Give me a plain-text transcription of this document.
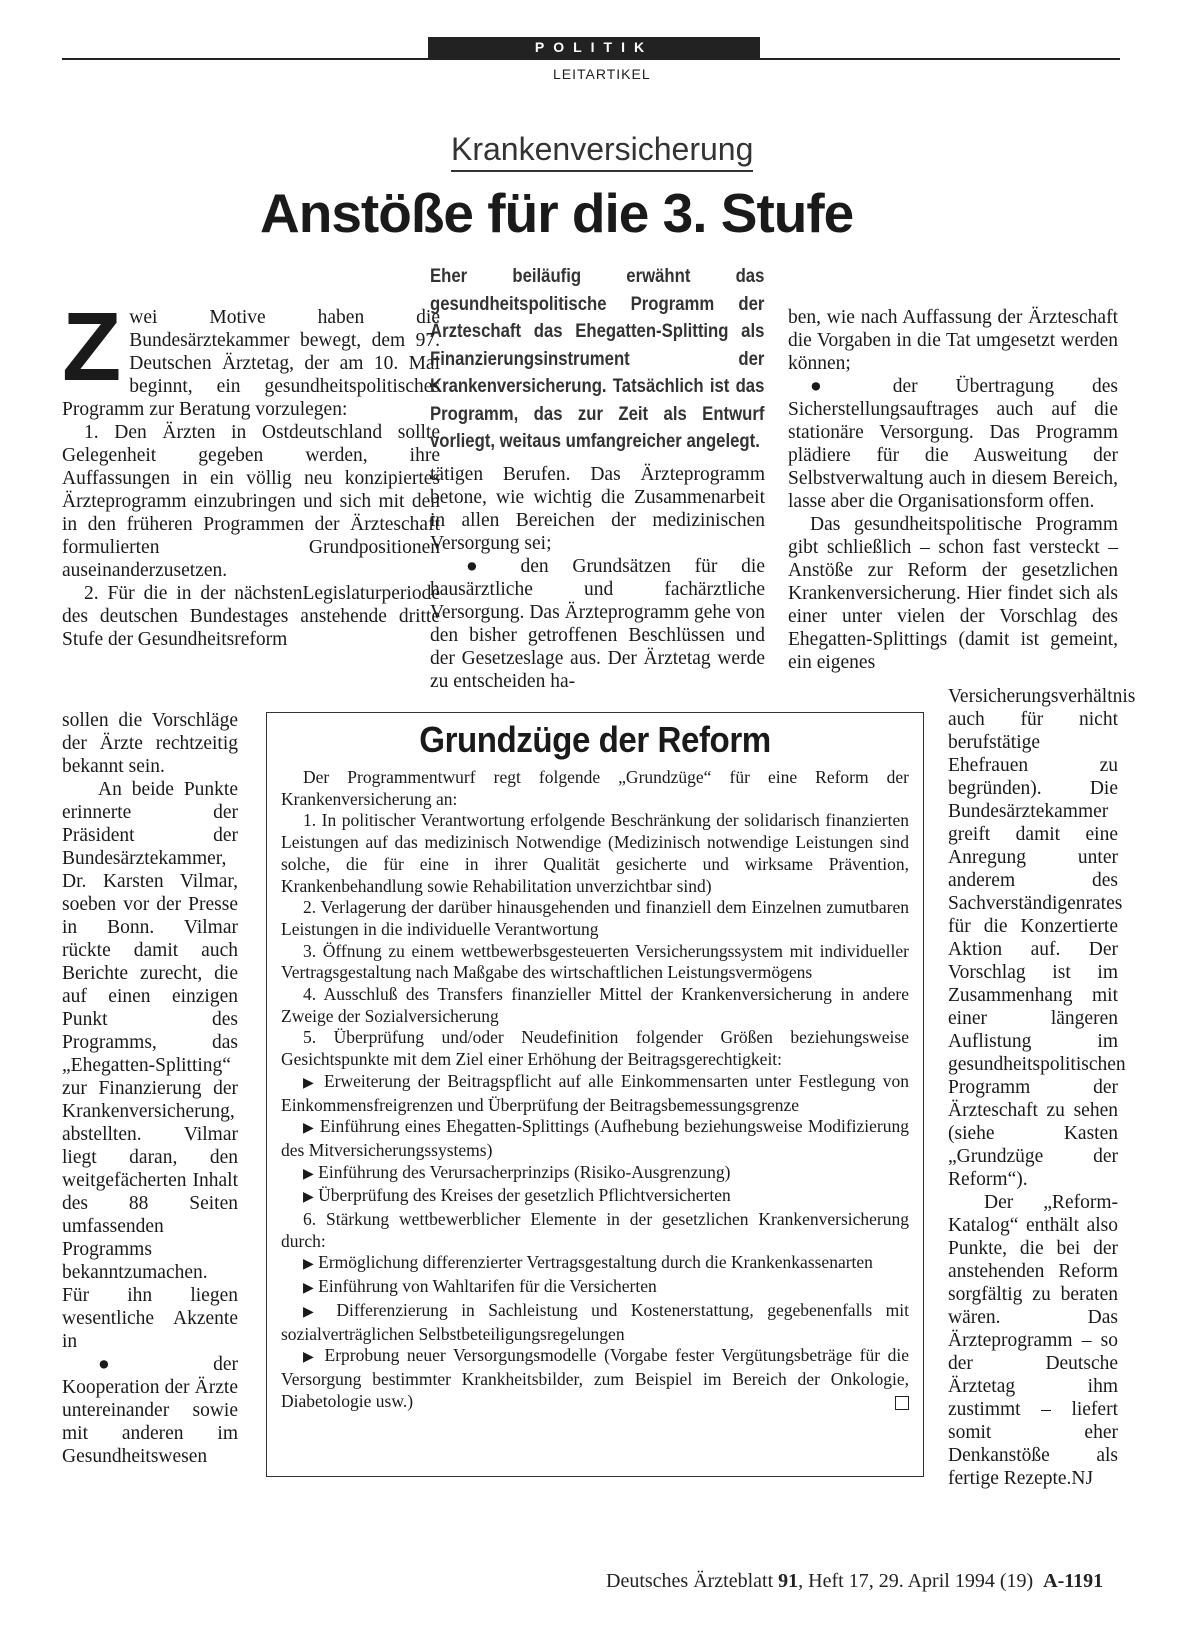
POLITIK
LEITARTIKEL
Krankenversicherung
Anstöße für die 3. Stufe
Eher beiläufig erwähnt das gesundheitspolitische Programm der Ärzteschaft das Ehegatten-Splitting als Finanzierungsinstrument der Krankenversicherung. Tatsächlich ist das Programm, das zur Zeit als Entwurf vorliegt, weitaus umfangreicher angelegt.
Z wei Motive haben die Bundesärztekammer bewegt, dem 97. Deutschen Ärztetag, der am 10. Mai beginnt, ein gesundheitspolitisches Programm zur Beratung vorzulegen:

1. Den Ärzten in Ostdeutschland sollte Gelegenheit gegeben werden, ihre Auffassungen in ein völlig neu konzipiertes Ärzteprogramm einzubringen und sich mit den in den früheren Programmen der Ärzteschaft formulierten Grundpositionen auseinanderzusetzen.

2. Für die in der nächstenLegislaturperiode des deutschen Bundestages anstehende dritte Stufe der Gesundheitsreform

sollen die Vorschläge der Ärzte rechtzeitig bekannt sein.

An beide Punkte erinnerte der Präsident der Bundesärztekammer, Dr. Karsten Vilmar, soeben vor der Presse in Bonn. Vilmar rückte damit auch Berichte zurecht, die auf einen einzigen Punkt des Programms, das „Ehegatten-Splitting“ zur Finanzierung der Krankenversicherung, abstellten. Vilmar liegt daran, den weitgefächerten Inhalt des 88 Seiten umfassenden Programms bekanntzumachen. Für ihn liegen wesentliche Akzente in

● der Kooperation der Ärzte untereinander sowie mit anderen im Gesundheitswesen

tätigen Berufen. Das Ärzteprogramm betone, wie wichtig die Zusammenarbeit in allen Bereichen der medizinischen Versorgung sei;

● den Grundsätzen für die hausärztliche und fachärztliche Versorgung. Das Ärzteprogramm gehe von den bisher getroffenen Beschlüssen und der Gesetzeslage aus. Der Ärztetag werde zu entscheiden ha-

ben, wie nach Auffassung der Ärzteschaft die Vorgaben in die Tat umgesetzt werden können;

● der Übertragung des Sicherstellungsauftrages auch auf die stationäre Versorgung. Das Programm plädiere für die Ausweitung der Selbstverwaltung auch in diesem Bereich, lasse aber die Organisationsform offen.

Das gesundheitspolitische Programm gibt schließlich – schon fast versteckt – Anstöße zur Reform der gesetzlichen Krankenversicherung. Hier findet sich als einer unter vielen der Vorschlag des Ehegatten-Splittings (damit ist gemeint, ein eigenes

Versicherungsverhältnis auch für nicht berufstätige Ehefrauen zu begründen). Die Bundesärztekammer greift damit eine Anregung unter anderem des Sachverständigenrates für die Konzertierte Aktion auf. Der Vorschlag ist im Zusammenhang mit einer längeren Auflistung im gesundheitspolitischen Programm der Ärzteschaft zu sehen (siehe Kasten „Grundzüge der Reform“).

Der „Reform-Katalog“ enthält also Punkte, die bei der anstehenden Reform sorgfältig zu beraten wären. Das Ärzteprogramm – so der Deutsche Ärztetag ihm zustimmt – liefert somit eher Denkanstöße als fertige Rezepte.NJ

Grundzüge der Reform

Der Programmentwurf regt folgende „Grundzüge“ für eine Reform der Krankenversicherung an:

1. In politischer Verantwortung erfolgende Beschränkung der solidarisch finanzierten Leistungen auf das medizinisch Notwendige (Medizinisch notwendige Leistungen sind solche, die für eine in ihrer Qualität gesicherte und wirksame Prävention, Krankenbehandlung sowie Rehabilitation unverzichtbar sind)

2. Verlagerung der darüber hinausgehenden und finanziell dem Einzelnen zumutbaren Leistungen in die individuelle Verantwortung

3. Öffnung zu einem wettbewerbsgesteuerten Versicherungssystem mit individueller Vertragsgestaltung nach Maßgabe des wirtschaftlichen Leistungsvermögens

4. Ausschluß des Transfers finanzieller Mittel der Krankenversicherung in andere Zweige der Sozialversicherung

5. Überprüfung und/oder Neudefinition folgender Größen beziehungsweise Gesichtspunkte mit dem Ziel einer Erhöhung der Beitragsgerechtigkeit:

▶ Erweiterung der Beitragspflicht auf alle Einkommensarten unter Festlegung von Einkommensfreigrenzen und Überprüfung der Beitragsbemessungsgrenze

▶ Einführung eines Ehegatten-Splittings (Aufhebung beziehungsweise Modifizierung des Mitversicherungssystems)

▶ Einführung des Verursacherprinzips (Risiko-Ausgrenzung)

▶ Überprüfung des Kreises der gesetzlich Pflichtversicherten

6. Stärkung wettbewerblicher Elemente in der gesetzlichen Krankenversicherung durch:

▶ Ermöglichung differenzierter Vertragsgestaltung durch die Krankenkassenarten

▶ Einführung von Wahltarifen für die Versicherten

▶ Differenzierung in Sachleistung und Kostenerstattung, gegebenenfalls mit sozialverträglichen Selbstbeteiligungsregelungen

▶ Erprobung neuer Versorgungsmodelle (Vorgabe fester Vergütungsbeträge für die Versorgung bestimmter Krankheitsbilder, zum Beispiel im Bereich der Onkologie, Diabetologie usw.)

Deutsches Ärzteblatt 91, Heft 17, 29. April 1994 (19) A-1191
